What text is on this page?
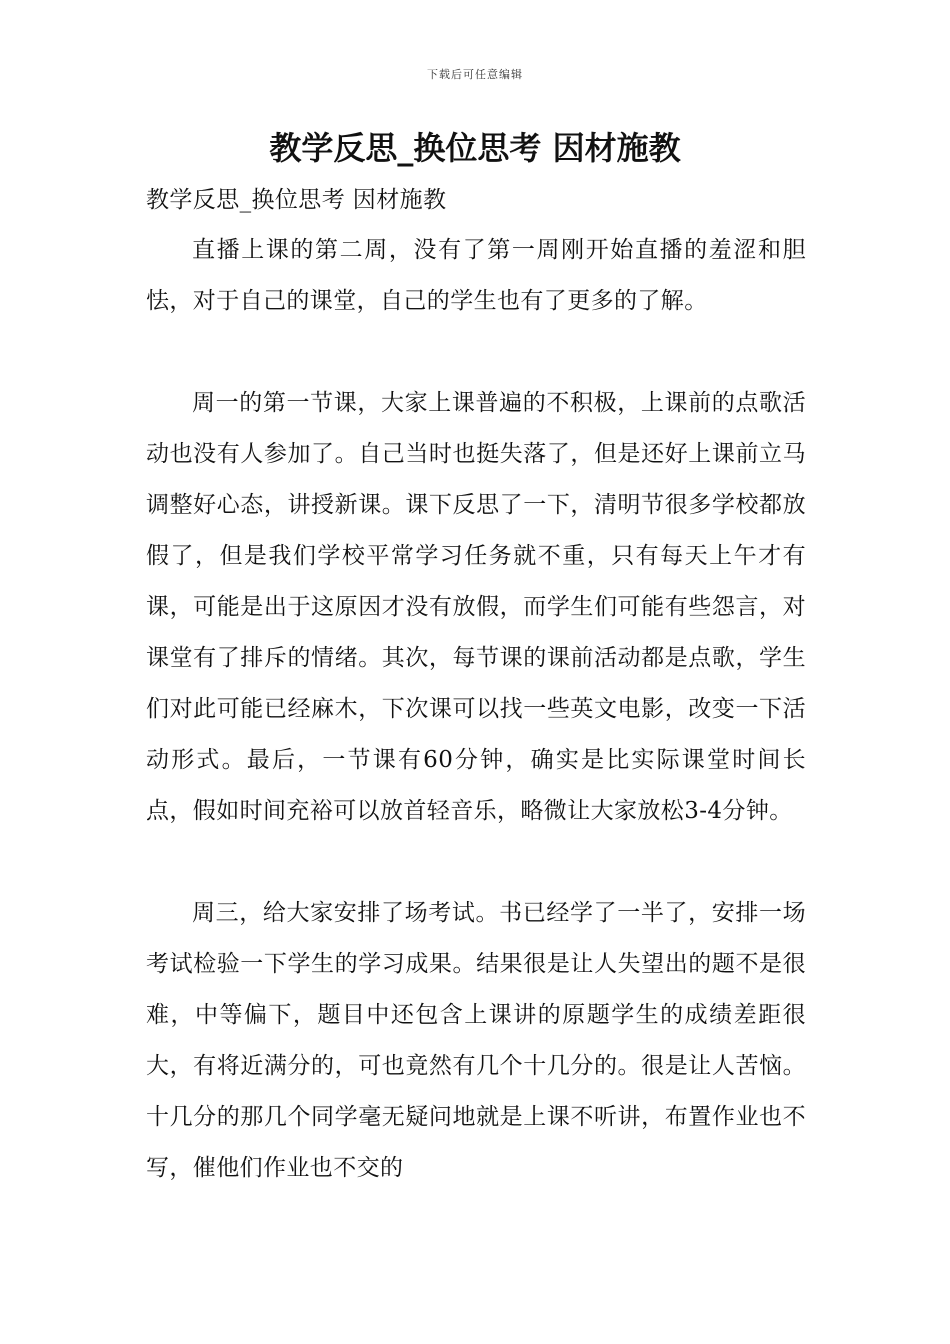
下载后可任意编辑
教学反思_换位思考 因材施教

教学反思_换位思考 因材施教

直播上课的第二周，没有了第一周刚开始直播的羞涩和胆怯，对于自己的课堂，自己的学生也有了更多的了解。

周一的第一节课，大家上课普遍的不积极，上课前的点歌活动也没有人参加了。自己当时也挺失落了，但是还好上课前立马调整好心态，讲授新课。课下反思了一下，清明节很多学校都放假了，但是我们学校平常学习任务就不重，只有每天上午才有课，可能是出于这原因才没有放假，而学生们可能有些怨言，对课堂有了排斥的情绪。其次，每节课的课前活动都是点歌，学生们对此可能已经麻木，下次课可以找一些英文电影，改变一下活动形式。最后，一节课有60分钟，确实是比实际课堂时间长点，假如时间充裕可以放首轻音乐，略微让大家放松3-4分钟。

周三，给大家安排了场考试。书已经学了一半了，安排一场考试检验一下学生的学习成果。结果很是让人失望出的题不是很难，中等偏下，题目中还包含上课讲的原题学生的成绩差距很大，有将近满分的，可也竟然有几个十几分的。很是让人苦恼。十几分的那几个同学毫无疑问地就是上课不听讲，布置作业也不写，催他们作业也不交的
